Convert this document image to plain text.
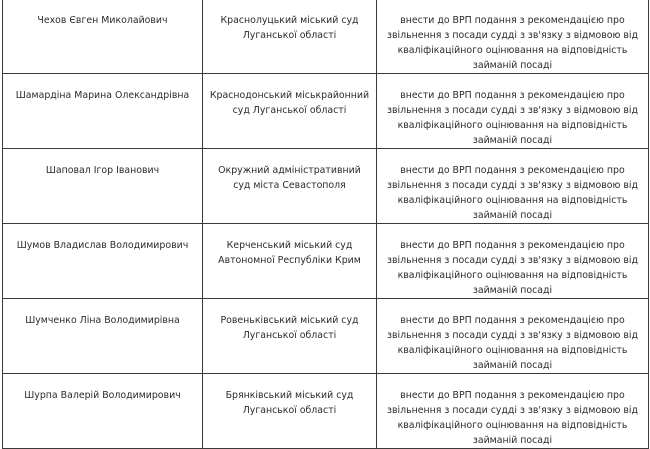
Чехов Євген Миколайович	Краснолуцький міський суд Луганської області	внести до ВРП подання з рекомендацією про звільнення з посади судді з зв'язку з відмовою від кваліфікаційного оцінювання на відповідність займаній посаді

Шамардіна Марина Олександрівна	Краснодонський міськрайонний суд Луганської області	внести до ВРП подання з рекомендацією про звільнення з посади судді з зв'язку з відмовою від кваліфікаційного оцінювання на відповідність займаній посаді

Шаповал Ігор Іванович	Окружний адміністративний суд міста Севастополя	внести до ВРП подання з рекомендацією про звільнення з посади судді з зв'язку з відмовою від кваліфікаційного оцінювання на відповідність займаній посаді

Шумов Владислав Володимирович	Керченський міський суд Автономної Республіки Крим	внести до ВРП подання з рекомендацією про звільнення з посади судді з зв'язку з відмовою від кваліфікаційного оцінювання на відповідність займаній посаді

Шумченко Ліна Володимирівна	Ровеньківський міський суд Луганської області	внести до ВРП подання з рекомендацією про звільнення з посади судді з зв'язку з відмовою від кваліфікаційного оцінювання на відповідність займаній посаді

Шурпа Валерій Володимирович	Брянківський міський суд Луганської області	внести до ВРП подання з рекомендацією про звільнення з посади судді з зв'язку з відмовою від кваліфікаційного оцінювання на відповідність займаній посаді
